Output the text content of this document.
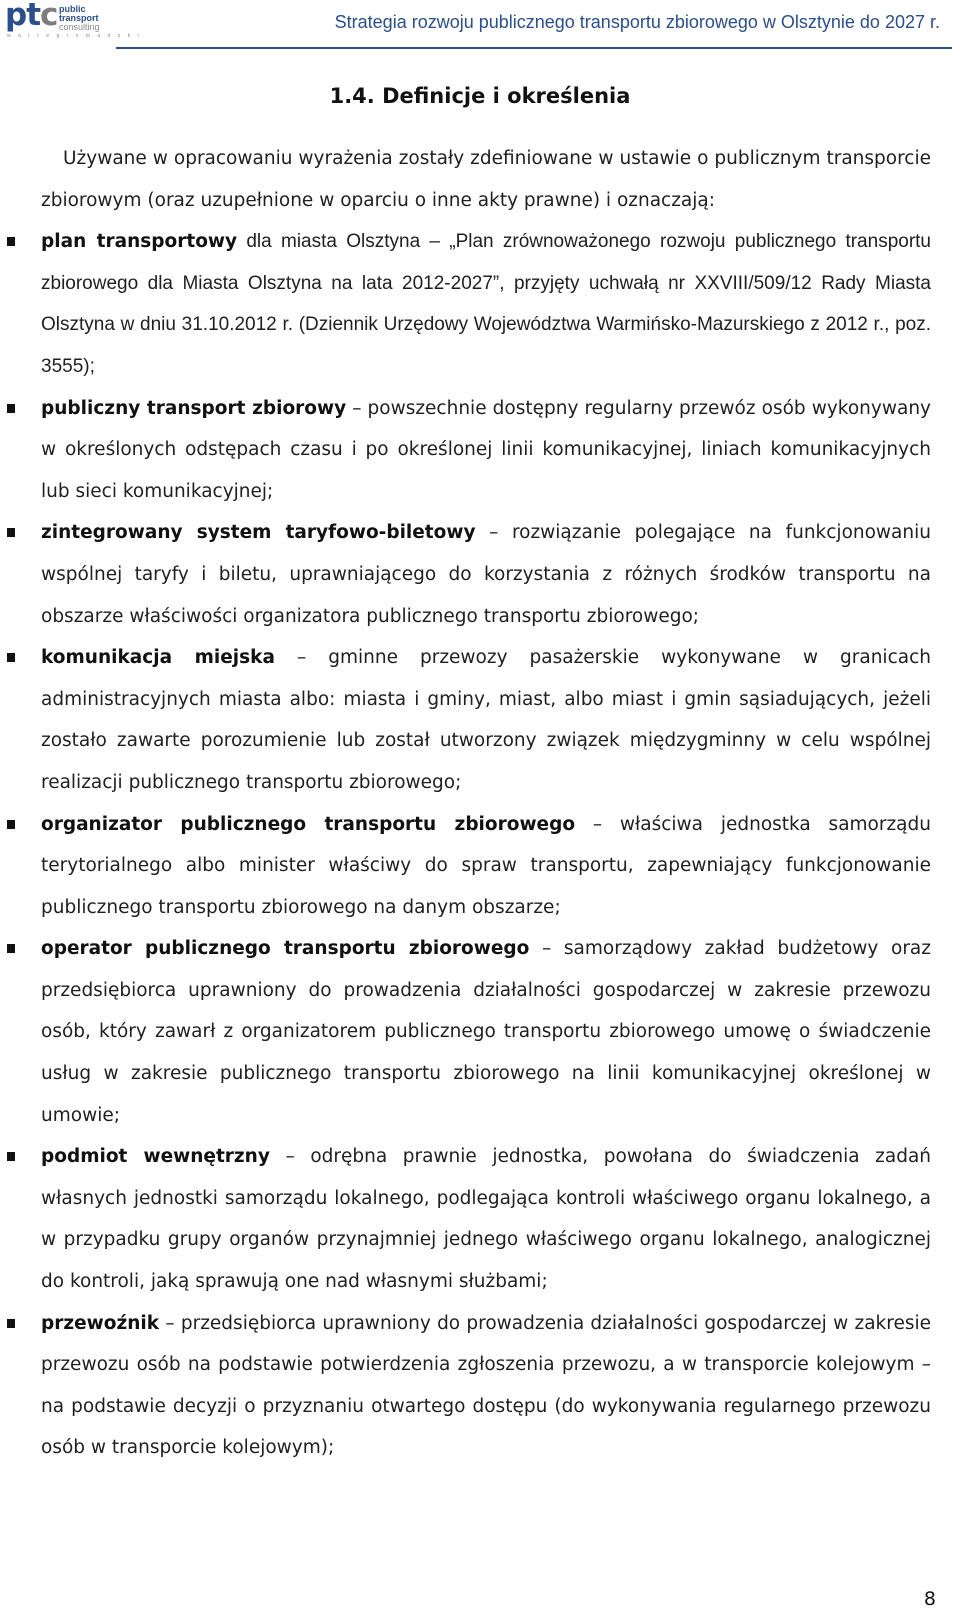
ptc public
transport
consulting
w a r r e g r o m a d z k i
Strategia rozwoju publicznego transportu zbiorowego w Olsztynie do 2027 r.
1.4. Definicje i określenia

Używane w opracowaniu wyrażenia zostały zdefiniowane w ustawie o publicznym transporcie zbiorowym (oraz uzupełnione w oparciu o inne akty prawne) i oznaczają:

plan transportowy dla miasta Olsztyna – „Plan zrównoważonego rozwoju publicznego transportu zbiorowego dla Miasta Olsztyna na lata 2012-2027”, przyjęty uchwałą nr XXVIII/509/12 Rady Miasta Olsztyna w dniu 31.10.2012 r. (Dziennik Urzędowy Województwa Warmińsko-Mazurskiego z 2012 r., poz. 3555);
publiczny transport zbiorowy – powszechnie dostępny regularny przewóz osób wykonywany w określonych odstępach czasu i po określonej linii komunikacyjnej, liniach komunikacyjnych lub sieci komunikacyjnej;
zintegrowany system taryfowo-biletowy – rozwiązanie polegające na funkcjonowaniu wspólnej taryfy i biletu, uprawniającego do korzystania z różnych środków transportu na obszarze właściwości organizatora publicznego transportu zbiorowego;
komunikacja miejska – gminne przewozy pasażerskie wykonywane w granicach administracyjnych miasta albo: miasta i gminy, miast, albo miast i gmin sąsiadujących, jeżeli zostało zawarte porozumienie lub został utworzony związek międzygminny w celu wspólnej realizacji publicznego transportu zbiorowego;
organizator publicznego transportu zbiorowego – właściwa jednostka samorządu terytorialnego albo minister właściwy do spraw transportu, zapewniający funkcjonowanie publicznego transportu zbiorowego na danym obszarze;
operator publicznego transportu zbiorowego – samorządowy zakład budżetowy oraz przedsiębiorca uprawniony do prowadzenia działalności gospodarczej w zakresie przewozu osób, który zawarł z organizatorem publicznego transportu zbiorowego umowę o świadczenie usług w zakresie publicznego transportu zbiorowego na linii komunikacyjnej określonej w umowie;
podmiot wewnętrzny – odrębna prawnie jednostka, powołana do świadczenia zadań własnych jednostki samorządu lokalnego, podlegająca kontroli właściwego organu lokalnego, a w przypadku grupy organów przynajmniej jednego właściwego organu lokalnego, analogicznej do kontroli, jaką sprawują one nad własnymi służbami;
przewoźnik – przedsiębiorca uprawniony do prowadzenia działalności gospodarczej w zakresie przewozu osób na podstawie potwierdzenia zgłoszenia przewozu, a w transporcie kolejowym – na podstawie decyzji o przyznaniu otwartego dostępu (do wykonywania regularnego przewozu osób w transporcie kolejowym);
8
